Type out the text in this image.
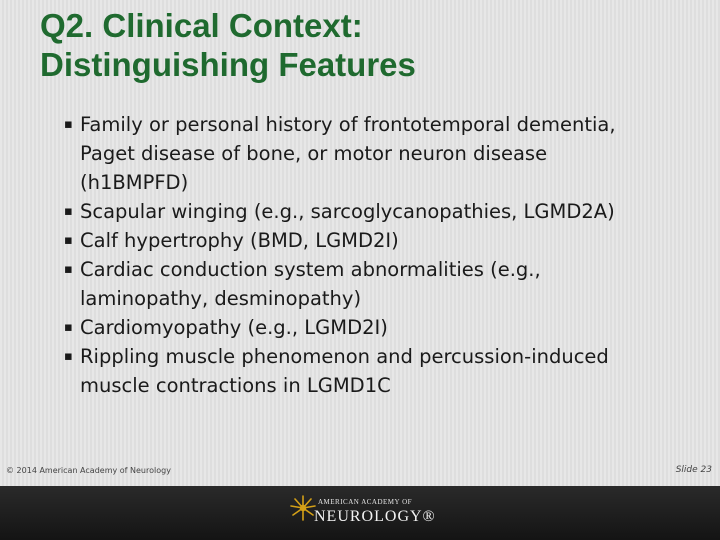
Q2. Clinical Context:
Distinguishing Features
▪ Family or personal history of frontotemporal dementia,
Paget disease of bone, or motor neuron disease
(h1BMPFD)
▪ Scapular winging (e.g., sarcoglycanopathies, LGMD2A)
▪ Calf hypertrophy (BMD, LGMD2I)
▪ Cardiac conduction system abnormalities (e.g.,
laminopathy, desminopathy)
▪ Cardiomyopathy (e.g., LGMD2I)
▪ Rippling muscle phenomenon and percussion-induced
muscle contractions in LGMD1C
© 2014 American Academy of Neurology	Slide 23
AMERICAN ACADEMY OF
NEUROLOGY®
